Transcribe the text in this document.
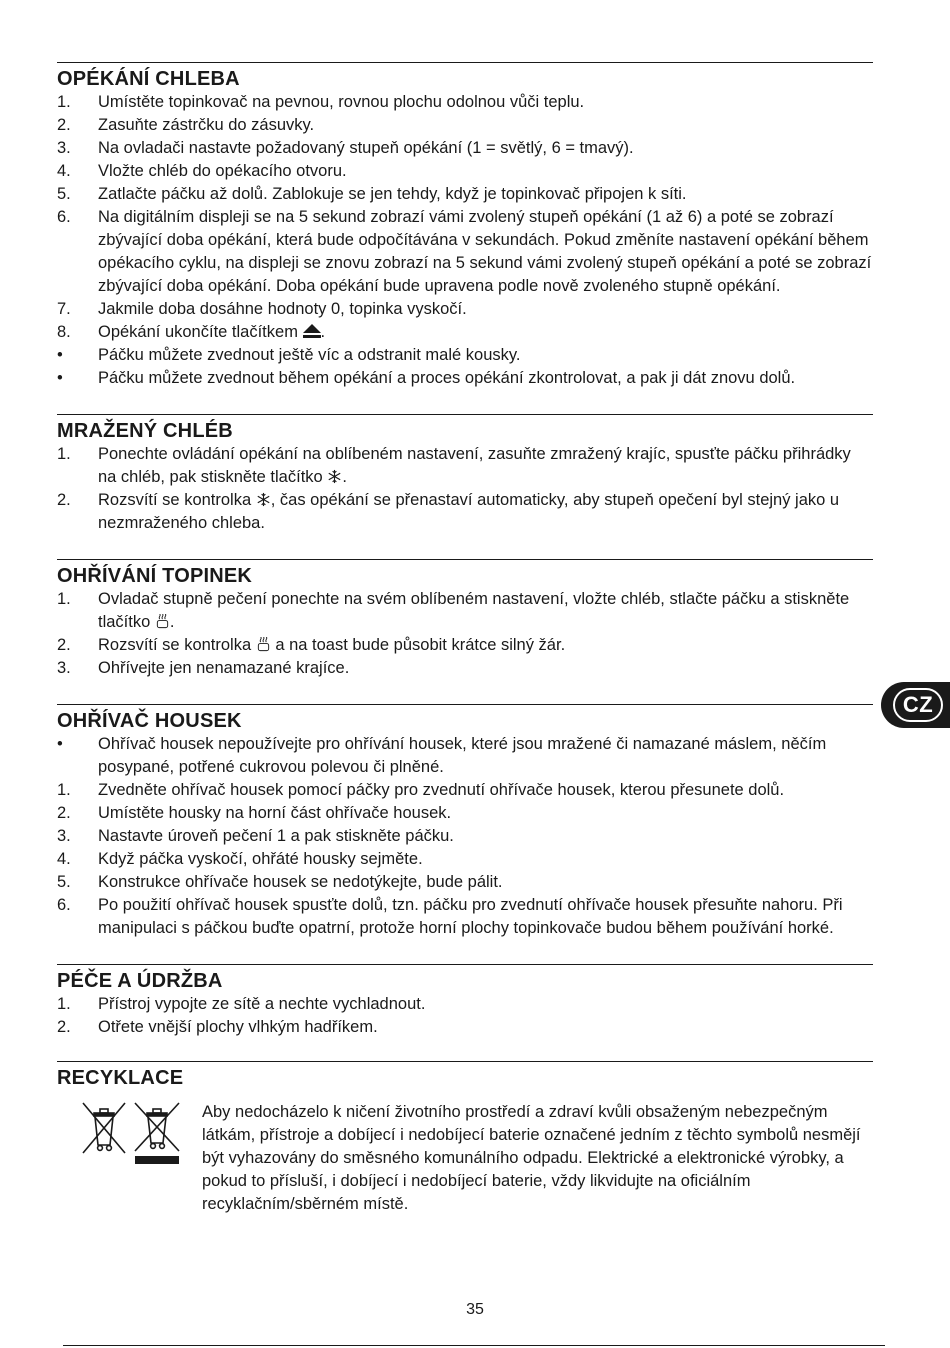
OPÉKÁNÍ CHLEBA
1. Umístěte topinkovač na pevnou, rovnou plochu odolnou vůči teplu.
2. Zasuňte zástrčku do zásuvky.
3. Na ovladači nastavte požadovaný stupeň opékání (1 = světlý, 6 = tmavý).
4. Vložte chléb do opékacího otvoru.
5. Zatlačte páčku až dolů. Zablokuje se jen tehdy, když je topinkovač připojen k síti.
6. Na digitálním displeji se na 5 sekund zobrazí vámi zvolený stupeň opékání (1 až 6) a poté se zobrazí zbývající doba opékání, která bude odpočítávána v sekundách. Pokud změníte nastavení opékání během opékacího cyklu, na displeji se znovu zobrazí na 5 sekund vámi zvolený stupeň opékání a poté se zobrazí zbývající doba opékání. Doba opékání bude upravena podle nově zvoleného stupně opékání.
7. Jakmile doba dosáhne hodnoty 0, topinka vyskočí.
8. Opékání ukončíte tlačítkem .
• Páčku můžete zvednout ještě víc a odstranit malé kousky.
• Páčku můžete zvednout během opékání a proces opékání zkontrolovat, a pak ji dát znovu dolů.
MRAŽENÝ CHLÉB
1. Ponechte ovládání opékání na oblíbeném nastavení, zasuňte zmražený krajíc, spusťte páčku přihrádky na chléb, pak stiskněte tlačítko .
2. Rozsvítí se kontrolka , čas opékání se přenastaví automaticky, aby stupeň opečení byl stejný jako u nezmraženého chleba.
OHŘÍVÁNÍ TOPINEK
1. Ovladač stupně pečení ponechte na svém oblíbeném nastavení, vložte chléb, stlačte páčku a stiskněte tlačítko .
2. Rozsvítí se kontrolka  a na toast bude působit krátce silný žár.
3. Ohřívejte jen nenamazané krajíce.
OHŘÍVAČ HOUSEK
• Ohřívač housek nepoužívejte pro ohřívání housek, které jsou mražené či namazané máslem, něčím posypané, potřené cukrovou polevou či plněné.
1. Zvedněte ohřívač housek pomocí páčky pro zvednutí ohřívače housek, kterou přesunete dolů.
2. Umístěte housky na horní část ohřívače housek.
3. Nastavte úroveň pečení 1 a pak stiskněte páčku.
4. Když páčka vyskočí, ohřáté housky sejměte.
5. Konstrukce ohřívače housek se nedotýkejte, bude pálit.
6. Po použití ohřívač housek spusťte dolů, tzn. páčku pro zvednutí ohřívače housek přesuňte nahoru. Při manipulaci s páčkou buďte opatrní, protože horní plochy topinkovače budou během používání horké.
PÉČE A ÚDRŽBA
1. Přístroj vypojte ze sítě a nechte vychladnout.
2. Otřete vnější plochy vlhkým hadříkem.
RECYKLACE

Aby nedocházelo k ničení životního prostředí a zdraví kvůli obsaženým nebezpečným látkám, přístroje a dobíjecí i nedobíjecí baterie označené jedním z těchto symbolů nesmějí být vyhazovány do směsného komunálního odpadu. Elektrické a elektronické výrobky, a pokud to přísluší, i dobíjecí i nedobíjecí baterie, vždy likvidujte na oficiálním recyklačním/sběrném místě.

CZ
35
